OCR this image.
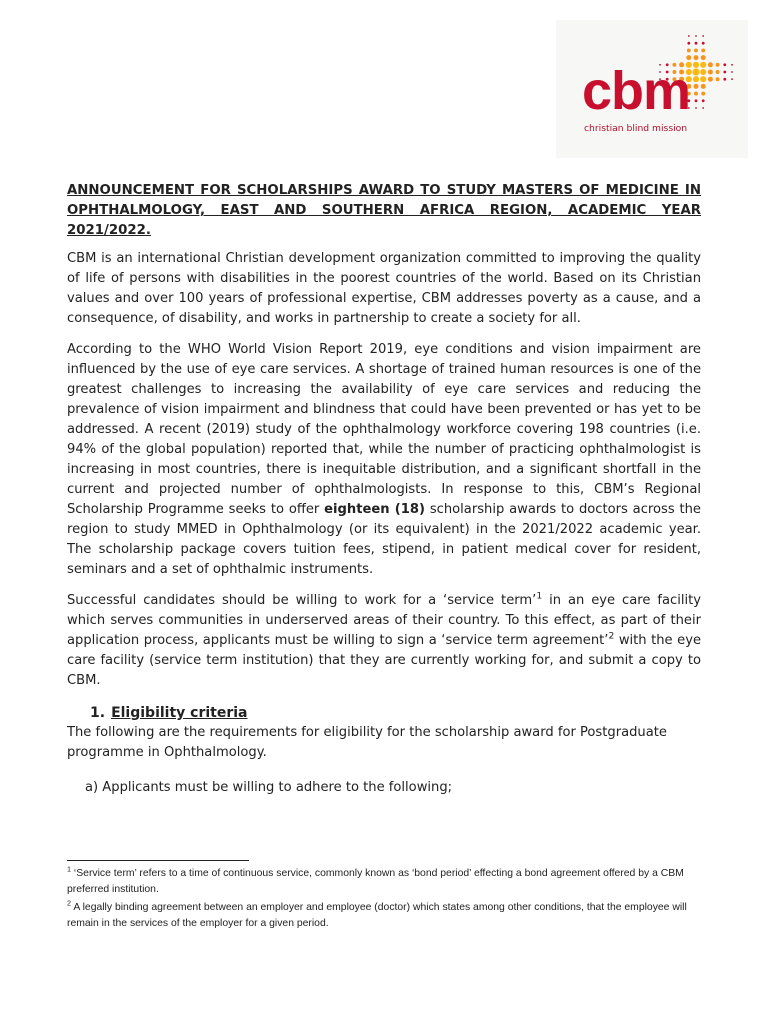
cbm
christian blind mission
ANNOUNCEMENT FOR SCHOLARSHIPS AWARD TO STUDY MASTERS OF MEDICINE IN OPHTHALMOLOGY, EAST AND SOUTHERN AFRICA REGION, ACADEMIC YEAR 2021/2022.

CBM is an international Christian development organization committed to improving the quality of life of persons with disabilities in the poorest countries of the world. Based on its Christian values and over 100 years of professional expertise, CBM addresses poverty as a cause, and a consequence, of disability, and works in partnership to create a society for all.

According to the WHO World Vision Report 2019, eye conditions and vision impairment are influenced by the use of eye care services. A shortage of trained human resources is one of the greatest challenges to increasing the availability of eye care services and reducing the prevalence of vision impairment and blindness that could have been prevented or has yet to be addressed. A recent (2019) study of the ophthalmology workforce covering 198 countries (i.e. 94% of the global population) reported that, while the number of practicing ophthalmologist is increasing in most countries, there is inequitable distribution, and a significant shortfall in the current and projected number of ophthalmologists. In response to this, CBM’s Regional Scholarship Programme seeks to offer eighteen (18) scholarship awards to doctors across the region to study MMED in Ophthalmology (or its equivalent) in the 2021/2022 academic year. The scholarship package covers tuition fees, stipend, in patient medical cover for resident, seminars and a set of ophthalmic instruments.

Successful candidates should be willing to work for a ‘service term’$^1$ in an eye care facility which serves communities in underserved areas of their country. To this effect, as part of their application process, applicants must be willing to sign a ‘service term agreement’$^2$ with the eye care facility (service term institution) that they are currently working for, and submit a copy to CBM.

1. Eligibility criteria

The following are the requirements for eligibility for the scholarship award for Postgraduate programme in Ophthalmology.

a) Applicants must be willing to adhere to the following;
$^1$ ‘Service term’ refers to a time of continuous service, commonly known as ‘bond period’ effecting a bond agreement offered by a CBM preferred institution.
$^2$ A legally binding agreement between an employer and employee (doctor) which states among other conditions, that the employee will remain in the services of the employer for a given period.
